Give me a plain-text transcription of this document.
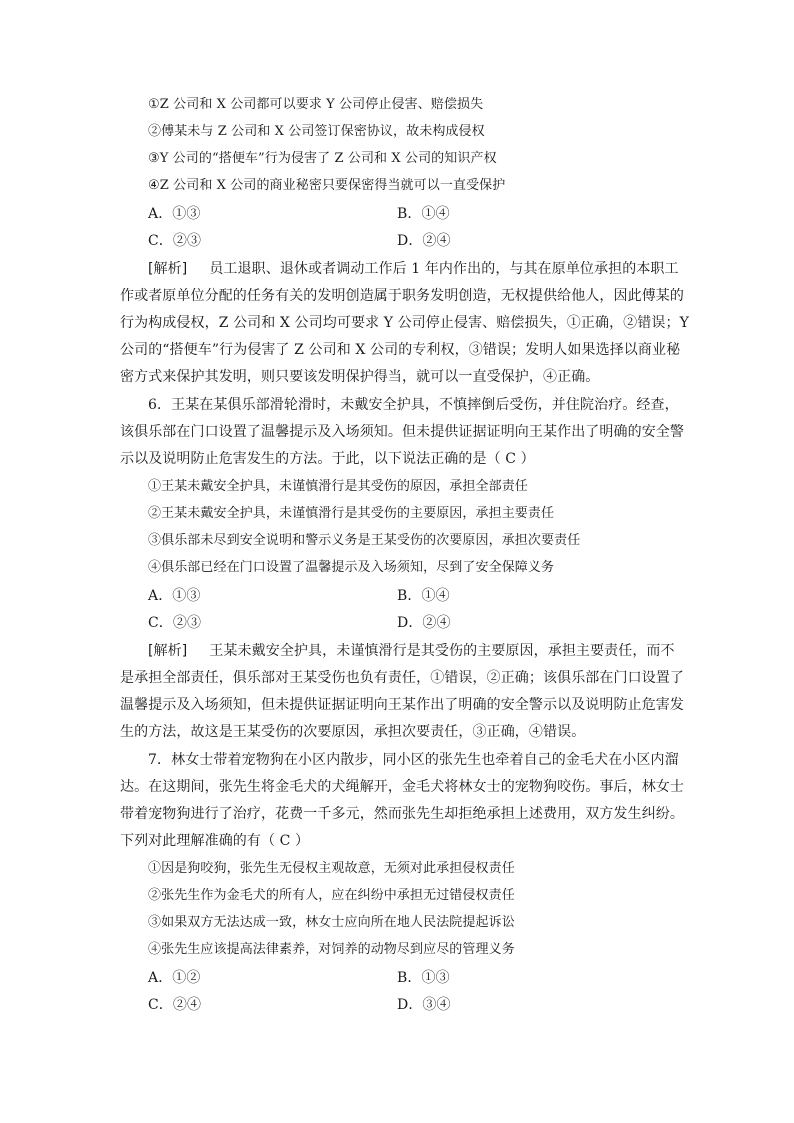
①Z 公司和 X 公司都可以要求 Y 公司停止侵害、赔偿损失
②傅某未与 Z 公司和 X 公司签订保密协议，故未构成侵权
③Y 公司的“搭便车”行为侵害了 Z 公司和 X 公司的知识产权
④Z 公司和 X 公司的商业秘密只要保密得当就可以一直受保护
A．①③	B．①④
C．②③	D．②④
[解析] 员工退职、退休或者调动工作后 1 年内作出的，与其在原单位承担的本职工
作或者原单位分配的任务有关的发明创造属于职务发明创造，无权提供给他人，因此傅某的
行为构成侵权，Z 公司和 X 公司均可要求 Y 公司停止侵害、赔偿损失，①正确，②错误；Y
公司的“搭便车”行为侵害了 Z 公司和 X 公司的专利权，③错误；发明人如果选择以商业秘
密方式来保护其发明，则只要该发明保护得当，就可以一直受保护，④正确。
6．王某在某俱乐部滑轮滑时，未戴安全护具，不慎摔倒后受伤，并住院治疗。经查，
该俱乐部在门口设置了温馨提示及入场须知。但未提供证据证明向王某作出了明确的安全警
示以及说明防止危害发生的方法。于此，以下说法正确的是（ C ）
①王某未戴安全护具，未谨慎滑行是其受伤的原因，承担全部责任
②王某未戴安全护具，未谨慎滑行是其受伤的主要原因，承担主要责任
③俱乐部未尽到安全说明和警示义务是王某受伤的次要原因，承担次要责任
④俱乐部已经在门口设置了温馨提示及入场须知，尽到了安全保障义务
A．①③	B．①④
C．②③	D．②④
[解析] 王某未戴安全护具，未谨慎滑行是其受伤的主要原因，承担主要责任，而不
是承担全部责任，俱乐部对王某受伤也负有责任，①错误，②正确；该俱乐部在门口设置了
温馨提示及入场须知，但未提供证据证明向王某作出了明确的安全警示以及说明防止危害发
生的方法，故这是王某受伤的次要原因，承担次要责任，③正确，④错误。
7．林女士带着宠物狗在小区内散步，同小区的张先生也牵着自己的金毛犬在小区内溜
达。在这期间，张先生将金毛犬的犬绳解开，金毛犬将林女士的宠物狗咬伤。事后，林女士
带着宠物狗进行了治疗，花费一千多元，然而张先生却拒绝承担上述费用，双方发生纠纷。
下列对此理解准确的有（ C ）
①因是狗咬狗，张先生无侵权主观故意，无须对此承担侵权责任
②张先生作为金毛犬的所有人，应在纠纷中承担无过错侵权责任
③如果双方无法达成一致，林女士应向所在地人民法院提起诉讼
④张先生应该提高法律素养，对饲养的动物尽到应尽的管理义务
A．①②	B．①③
C．②④	D．③④
